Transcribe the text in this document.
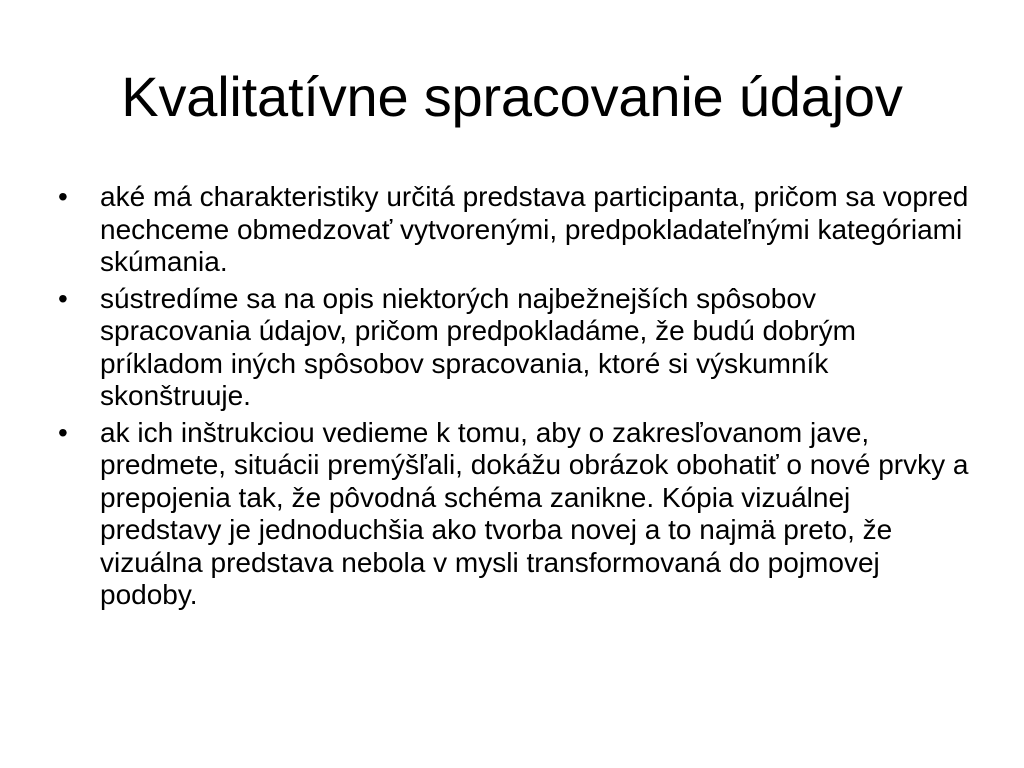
Kvalitatívne spracovanie údajov
•	aké má charakteristiky určitá predstava participanta, pričom sa vopred nechceme obmedzovať vytvorenými, predpokladateľnými kategóriami skúmania.
•	sústredíme sa na opis niektorých najbežnejších spôsobov spracovania údajov, pričom predpokladáme, že budú dobrým príkladom iných spôsobov spracovania, ktoré si výskumník skonštruuje.
•	ak ich inštrukciou vedieme k tomu, aby o zakresľovanom jave, predmete, situácii premýšľali, dokážu obrázok obohatiť o nové prvky a prepojenia tak, že pôvodná schéma zanikne. Kópia vizuálnej predstavy je jednoduchšia ako tvorba novej a to najmä preto, že vizuálna predstava nebola v mysli transformovaná do pojmovej podoby.
